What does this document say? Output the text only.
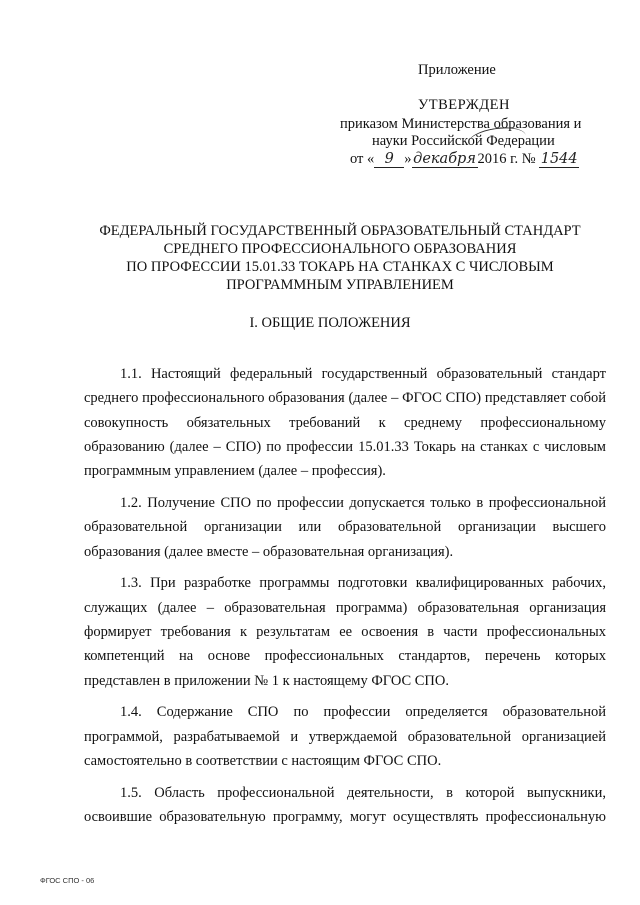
Приложение
УТВЕРЖДЕН
приказом Министерства образования и
науки Российской Федерации
от « 9 » декабря 2016 г. № 1544
ФЕДЕРАЛЬНЫЙ ГОСУДАРСТВЕННЫЙ ОБРАЗОВАТЕЛЬНЫЙ СТАНДАРТ
СРЕДНЕГО ПРОФЕССИОНАЛЬНОГО ОБРАЗОВАНИЯ
ПО ПРОФЕССИИ 15.01.33 ТОКАРЬ НА СТАНКАХ С ЧИСЛОВЫМ
ПРОГРАММНЫМ УПРАВЛЕНИЕМ
I. ОБЩИЕ ПОЛОЖЕНИЯ

1.1. Настоящий федеральный государственный образовательный стандарт
среднего профессионального образования (далее – ФГОС СПО) представляет собой
совокупность обязательных требований к среднему профессиональному
образованию (далее – СПО) по профессии 15.01.33 Токарь на станках с числовым
программным управлением (далее – профессия).

1.2. Получение СПО по профессии допускается только в профессиональной
образовательной организации или образовательной организации высшего
образования (далее вместе – образовательная организация).

1.3. При разработке программы подготовки квалифицированных рабочих,
служащих (далее – образовательная программа) образовательная организация
формирует требования к результатам ее освоения в части профессиональных
компетенций на основе профессиональных стандартов, перечень которых
представлен в приложении № 1 к настоящему ФГОС СПО.

1.4. Содержание СПО по профессии определяется образовательной
программой, разрабатываемой и утверждаемой образовательной организацией
самостоятельно в соответствии с настоящим ФГОС СПО.

1.5. Область профессиональной деятельности, в которой выпускники,
освоившие образовательную программу, могут осуществлять профессиональную

ФГОС СПО - 06
